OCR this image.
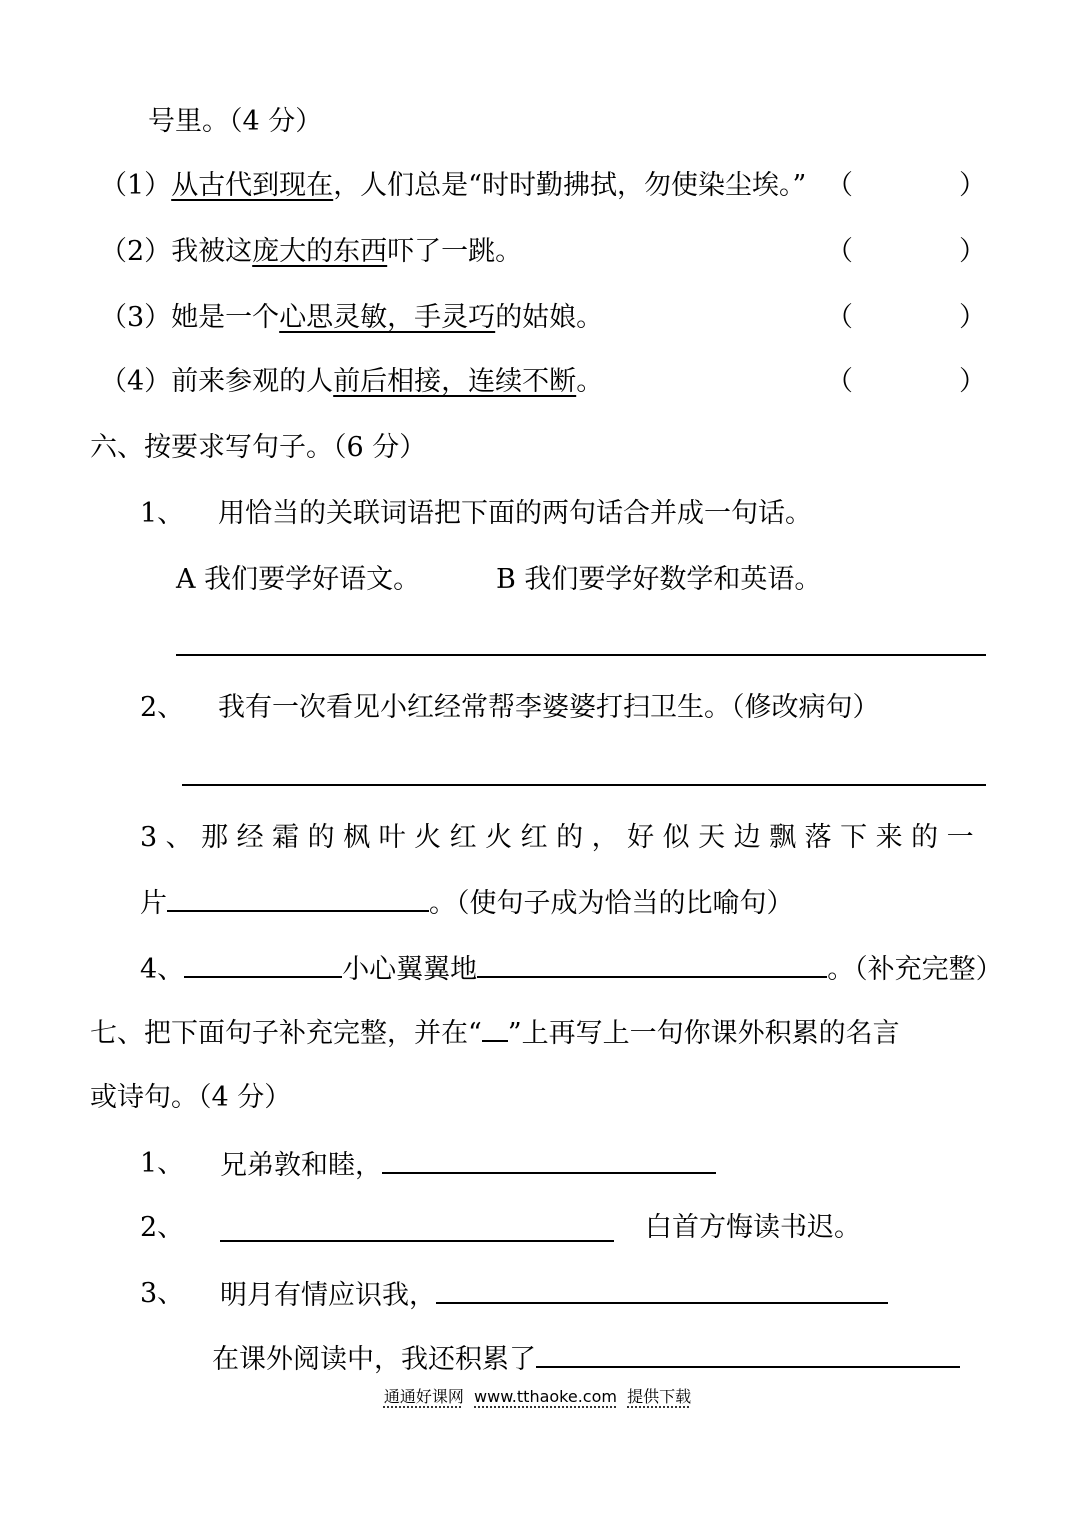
号里。（4 分）
（1）从古代到现在，人们总是“时时勤拂拭，勿使染尘埃。” （	）
（2）我被这庞大的东西吓了一跳。	（	）
（3）她是一个心思灵敏，手灵巧的姑娘。	（	）
（4）前来参观的人前后相接，连续不断。	（	）
六、按要求写句子。（6 分）
1、 用恰当的关联词语把下面的两句话合并成一句话。
A 我们要学好语文。	B 我们要学好数学和英语。
2、 我有一次看见小红经常帮李婆婆打扫卫生。（修改病句）
3、那经霜的枫叶火红火红的，好似天边飘落下来的一
片	。（使句子成为恰当的比喻句）
4、	小心翼翼地	。（补充完整）
七、把下面句子补充完整，并在“ ”上再写上一句你课外积累的名言
或诗句。（4 分）
1、 兄弟敦和睦，
2、	白首方悔读书迟。
3、 明月有情应识我，
在课外阅读中，我还积累了
通通好课网 www.tthaoke.com 提供下载
